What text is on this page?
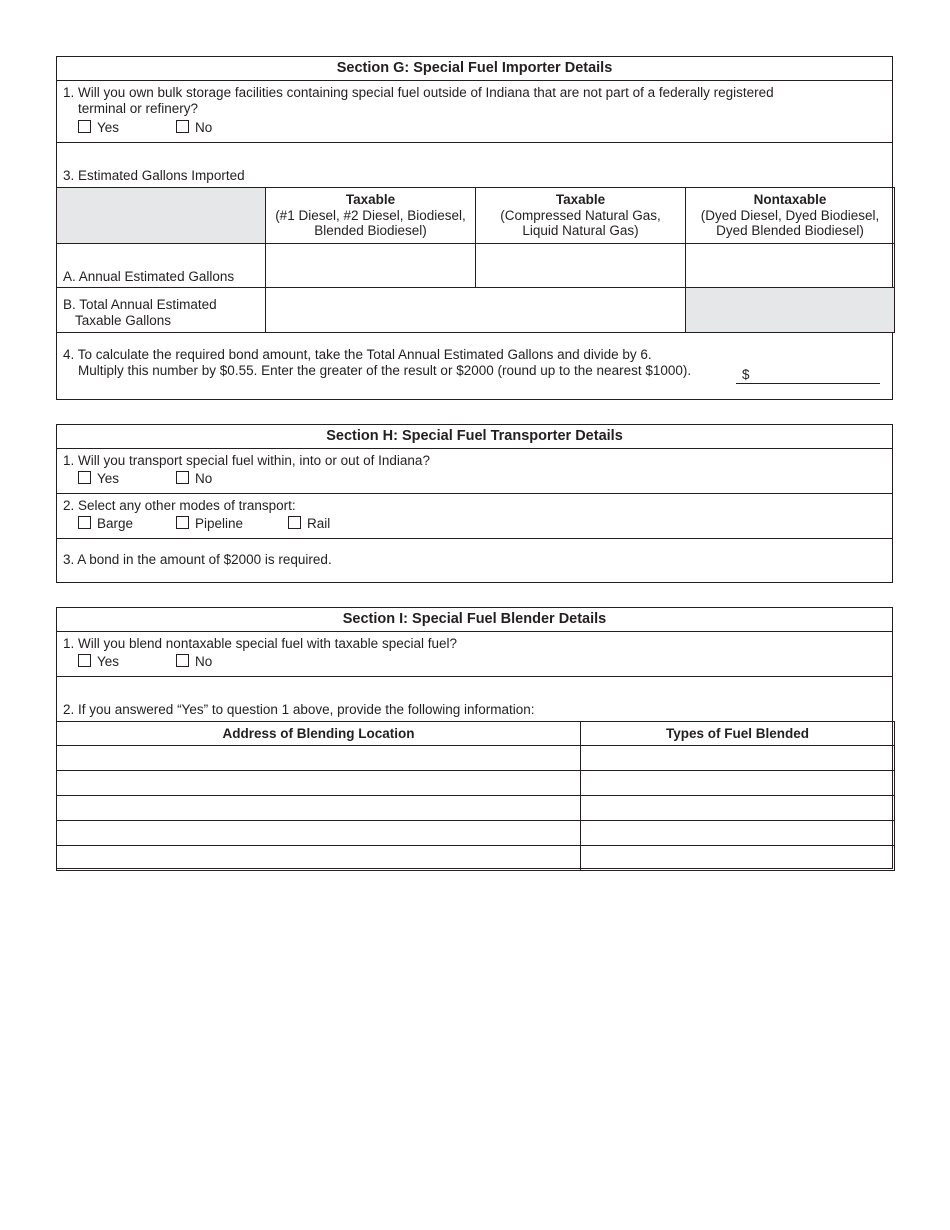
Section G: Special Fuel Importer Details
1. Will you own bulk storage facilities containing special fuel outside of Indiana that are not part of a federally registered
terminal or refinery?
Yes	No
3. Estimated Gallons Imported
	Taxable
(#1 Diesel, #2 Diesel, Biodiesel,
Blended Biodiesel)	Taxable
(Compressed Natural Gas,
Liquid Natural Gas)	Nontaxable
(Dyed Diesel, Dyed Biodiesel,
Dyed Blended Biodiesel)
A. Annual Estimated Gallons			
B. Total Annual Estimated
Taxable Gallons			
4. To calculate the required bond amount, take the Total Annual Estimated Gallons and divide by 6.
Multiply this number by $0.55. Enter the greater of the result or $2000 (round up to the nearest $1000).	$
Section H: Special Fuel Transporter Details
1. Will you transport special fuel within, into or out of Indiana?
Yes	No
2. Select any other modes of transport:
Barge	Pipeline	Rail
3. A bond in the amount of $2000 is required.
Section I: Special Fuel Blender Details
1. Will you blend nontaxable special fuel with taxable special fuel?
Yes	No
2. If you answered “Yes” to question 1 above, provide the following information:
Address of Blending Location	Types of Fuel Blended
